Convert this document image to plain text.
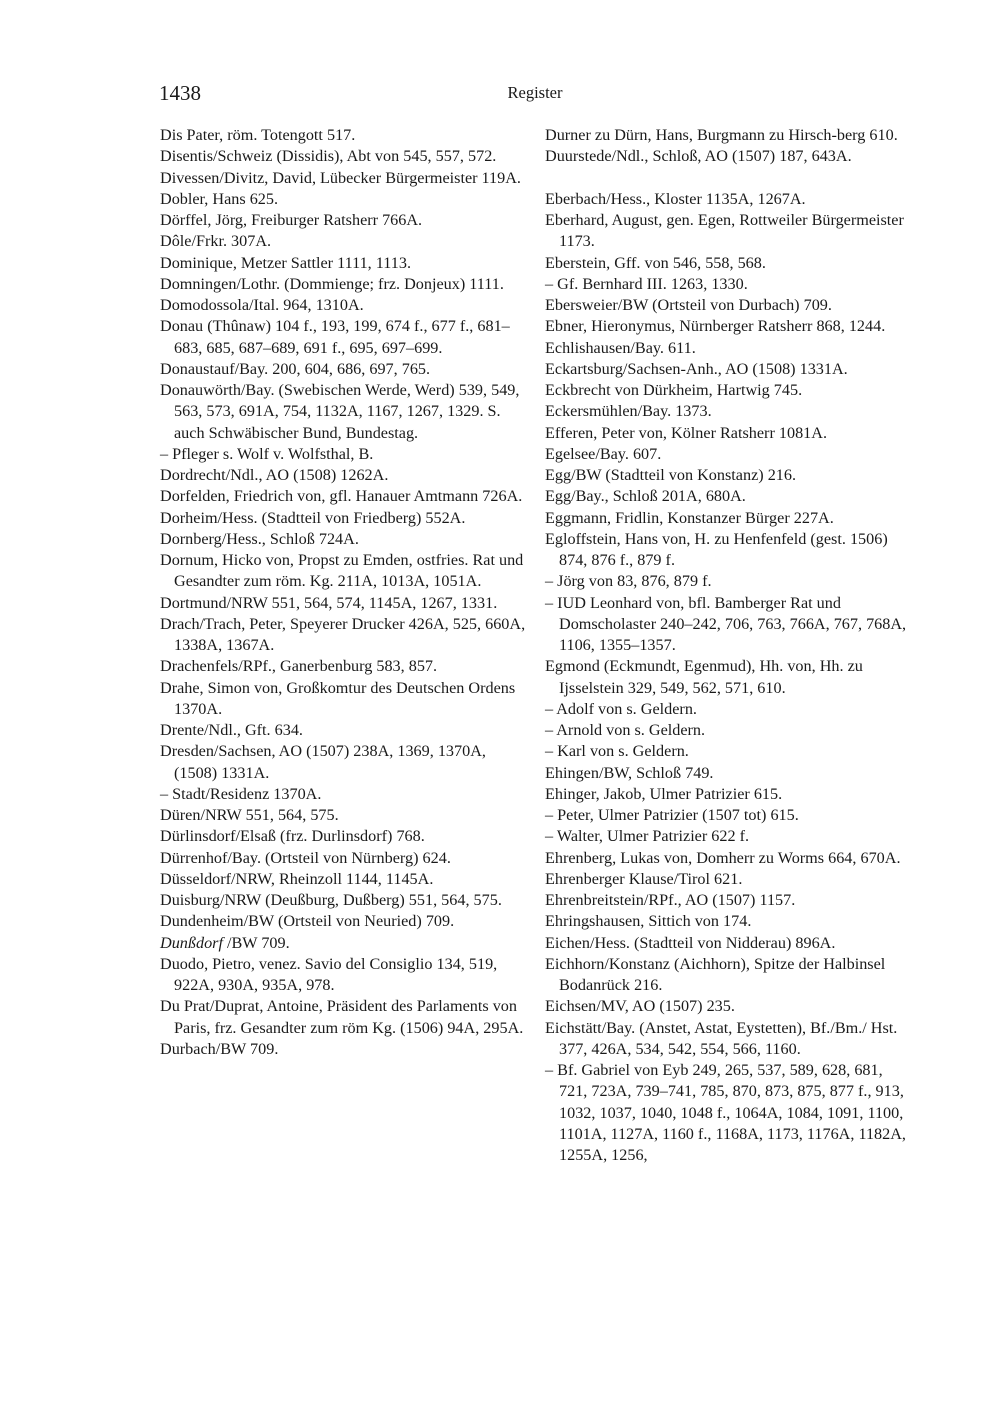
1438	Register

Dis Pater, röm. Totengott 517.

Disentis/Schweiz (Dissidis), Abt von 545, 557, 572.

Divessen/Divitz, David, Lübecker Bürgermeister 119A.

Dobler, Hans 625.

Dörffel, Jörg, Freiburger Ratsherr 766A.

Dôle/Frkr. 307A.

Dominique, Metzer Sattler 1111, 1113.

Domningen/Lothr. (Dommienge; frz. Donjeux) 1111.

Domodossola/Ital. 964, 1310A.

Donau (Thûnaw) 104 f., 193, 199, 674 f., 677 f., 681–683, 685, 687–689, 691 f., 695, 697–699.

Donaustauf/Bay. 200, 604, 686, 697, 765.

Donauwörth/Bay. (Swebischen Werde, Werd) 539, 549, 563, 573, 691A, 754, 1132A, 1167, 1267, 1329. S. auch Schwäbischer Bund, Bundestag.

– Pfleger s. Wolf v. Wolfsthal, B.

Dordrecht/Ndl., AO (1508) 1262A.

Dorfelden, Friedrich von, gfl. Hanauer Amtmann 726A.

Dorheim/Hess. (Stadtteil von Friedberg) 552A.

Dornberg/Hess., Schloß 724A.

Dornum, Hicko von, Propst zu Emden, ostfries. Rat und Gesandter zum röm. Kg. 211A, 1013A, 1051A.

Dortmund/NRW 551, 564, 574, 1145A, 1267, 1331.

Drach/Trach, Peter, Speyerer Drucker 426A, 525, 660A, 1338A, 1367A.

Drachenfels/RPf., Ganerbenburg 583, 857.

Drahe, Simon von, Großkomtur des Deutschen Ordens 1370A.

Drente/Ndl., Gft. 634.

Dresden/Sachsen, AO (1507) 238A, 1369, 1370A, (1508) 1331A.

– Stadt/Residenz 1370A.

Düren/NRW 551, 564, 575.

Dürlinsdorf/Elsaß (frz. Durlinsdorf) 768.

Dürrenhof/Bay. (Ortsteil von Nürnberg) 624.

Düsseldorf/NRW, Rheinzoll 1144, 1145A.

Duisburg/NRW (Deußburg, Dußberg) 551, 564, 575.

Dundenheim/BW (Ortsteil von Neuried) 709.

Dunßdorf /BW 709.

Duodo, Pietro, venez. Savio del Consiglio 134, 519, 922A, 930A, 935A, 978.

Du Prat/Duprat, Antoine, Präsident des Parlaments von Paris, frz. Gesandter zum röm Kg. (1506) 94A, 295A.

Durbach/BW 709.

Durner zu Dürn, Hans, Burgmann zu Hirsch-berg 610.

Duurstede/Ndl., Schloß, AO (1507) 187, 643A.

Eberbach/Hess., Kloster 1135A, 1267A.

Eberhard, August, gen. Egen, Rottweiler Bürgermeister 1173.

Eberstein, Gff. von 546, 558, 568.

– Gf. Bernhard III. 1263, 1330.

Ebersweier/BW (Ortsteil von Durbach) 709.

Ebner, Hieronymus, Nürnberger Ratsherr 868, 1244.

Echlishausen/Bay. 611.

Eckartsburg/Sachsen-Anh., AO (1508) 1331A.

Eckbrecht von Dürkheim, Hartwig 745.

Eckersmühlen/Bay. 1373.

Efferen, Peter von, Kölner Ratsherr 1081A.

Egelsee/Bay. 607.

Egg/BW (Stadtteil von Konstanz) 216.

Egg/Bay., Schloß 201A, 680A.

Eggmann, Fridlin, Konstanzer Bürger 227A.

Egloffstein, Hans von, H. zu Henfenfeld (gest. 1506) 874, 876 f., 879 f.

– Jörg von 83, 876, 879 f.

– IUD Leonhard von, bfl. Bamberger Rat und Domscholaster 240–242, 706, 763, 766A, 767, 768A, 1106, 1355–1357.

Egmond (Eckmundt, Egenmud), Hh. von, Hh. zu Ijsselstein 329, 549, 562, 571, 610.

– Adolf von s. Geldern.

– Arnold von s. Geldern.

– Karl von s. Geldern.

Ehingen/BW, Schloß 749.

Ehinger, Jakob, Ulmer Patrizier 615.

– Peter, Ulmer Patrizier (1507 tot) 615.

– Walter, Ulmer Patrizier 622 f.

Ehrenberg, Lukas von, Domherr zu Worms 664, 670A.

Ehrenberger Klause/Tirol 621.

Ehrenbreitstein/RPf., AO (1507) 1157.

Ehringshausen, Sittich von 174.

Eichen/Hess. (Stadtteil von Nidderau) 896A.

Eichhorn/Konstanz (Aichhorn), Spitze der Halbinsel Bodanrück 216.

Eichsen/MV, AO (1507) 235.

Eichstätt/Bay. (Anstet, Astat, Eystetten), Bf./Bm./ Hst. 377, 426A, 534, 542, 554, 566, 1160.

– Bf. Gabriel von Eyb 249, 265, 537, 589, 628, 681, 721, 723A, 739–741, 785, 870, 873, 875, 877 f., 913, 1032, 1037, 1040, 1048 f., 1064A, 1084, 1091, 1100, 1101A, 1127A, 1160 f., 1168A, 1173, 1176A, 1182A, 1255A, 1256,
